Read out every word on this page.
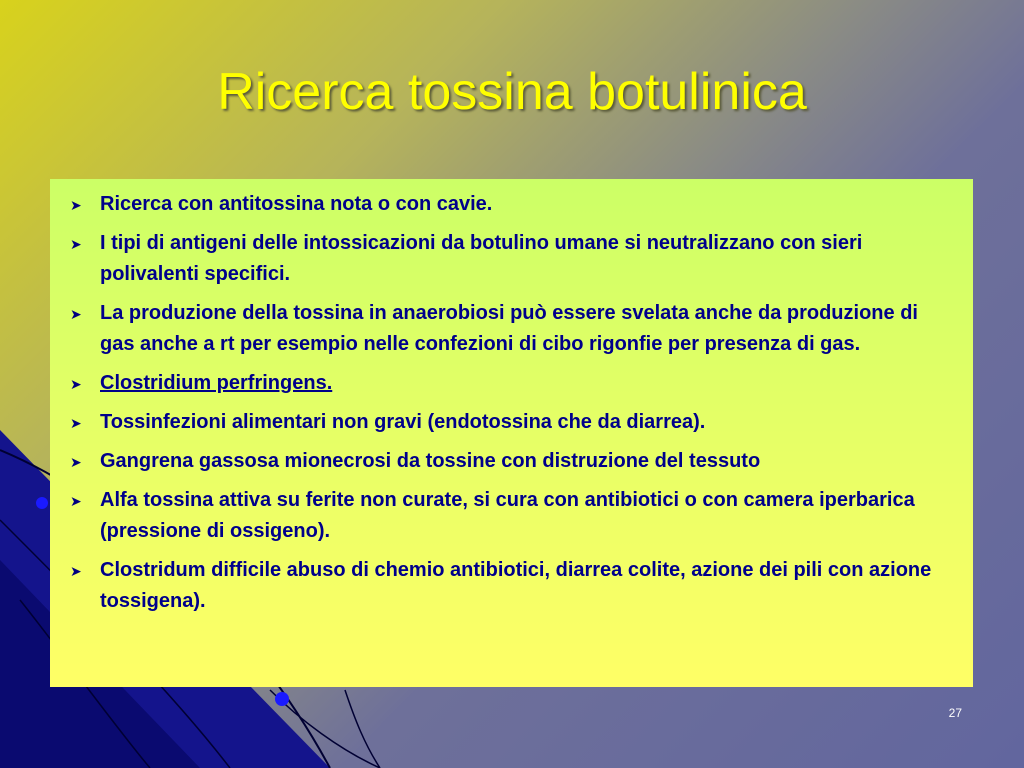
Ricerca tossina botulinica
➤ Ricerca con antitossina nota o con cavie.
➤ I tipi di antigeni delle intossicazioni da botulino umane si neutralizzano con sieri polivalenti specifici.
➤ La produzione della tossina in anaerobiosi può essere svelata anche da produzione di gas anche a rt per esempio nelle confezioni di cibo rigonfie per presenza di gas.
➤ Clostridium perfringens.
➤ Tossinfezioni alimentari non gravi (endotossina che da diarrea).
➤ Gangrena gassosa mionecrosi da tossine con distruzione del tessuto
➤ Alfa tossina attiva su ferite non curate, si cura con antibiotici o con camera iperbarica (pressione di ossigeno).
➤ Clostridum difficile abuso di chemio antibiotici, diarrea colite, azione dei pili con azione tossigena).
27
